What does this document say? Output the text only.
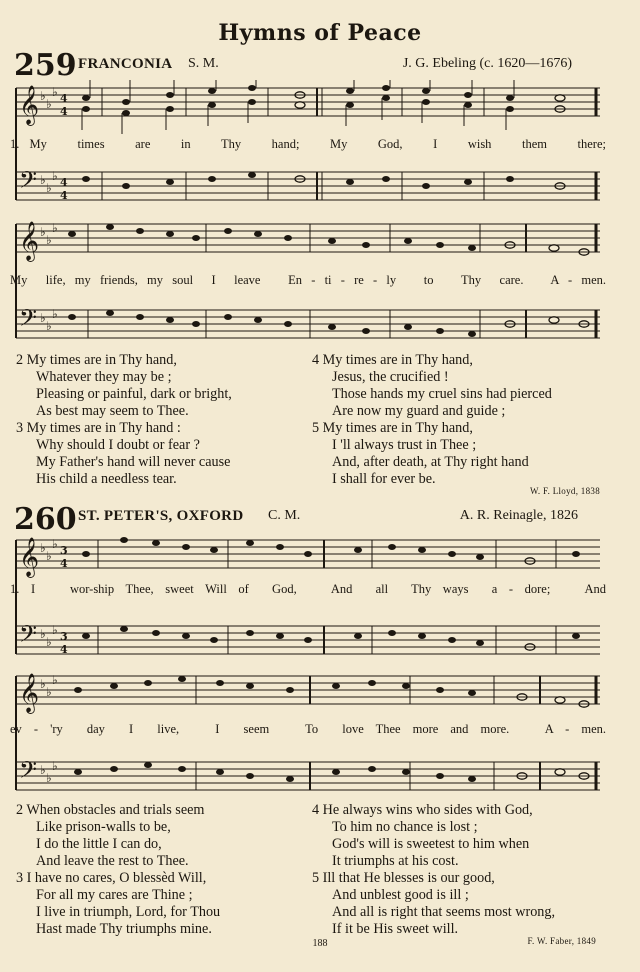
Hymns of Peace
259 FRANCONIA S. M.	J. G. Ebeling (c. 1620—1676)
𝄞
𝄢
♭
♭
♭
♭
♭
♭
4
4
4
4
1. My   times   are   in   Thy   hand;   My   God,   I   wish   them   there;
𝄞
𝄢
♭
♭
♭
♭
♭
♭
My  life, my friends, my soul  I  leave   En - ti - re - ly   to   Thy  care.   A - men.
2 My times are in Thy hand,
Whatever they may be ;
Pleasing or painful, dark or bright,
As best may seem to Thee.
3 My times are in Thy hand :
Why should I doubt or fear ?
My Father's hand will never cause
His child a needless tear.
4 My times are in Thy hand,
Jesus, the crucified !
Those hands my cruel sins had pierced
Are now my guard and guide ;
5 My times are in Thy hand,
I 'll always trust in Thee ;
And, after death, at Thy right hand
I shall for ever be.
W. F. Lloyd, 1838
260 ST. PETER'S, OXFORD C. M.	A. R. Reinagle, 1826
𝄞
𝄢
♭
♭
♭
♭
♭
♭
3
4
3
4
1. I   wor-ship Thee, sweet Will of  God,   And  all  Thy ways  a - dore;   And
𝄞
𝄢
♭
♭
♭
♭
♭
♭
ev - 'ry  day  I  live,   I  seem   To  love Thee more and more.   A - men.
2 When obstacles and trials seem
Like prison-walls to be,
I do the little I can do,
And leave the rest to Thee.
3 I have no cares, O blessèd Will,
For all my cares are Thine ;
I live in triumph, Lord, for Thou
Hast made Thy triumphs mine.
4 He always wins who sides with God,
To him no chance is lost ;
God's will is sweetest to him when
It triumphs at his cost.
5 Ill that He blesses is our good,
And unblest good is ill ;
And all is right that seems most wrong,
If it be His sweet will.
188	F. W. Faber, 1849
